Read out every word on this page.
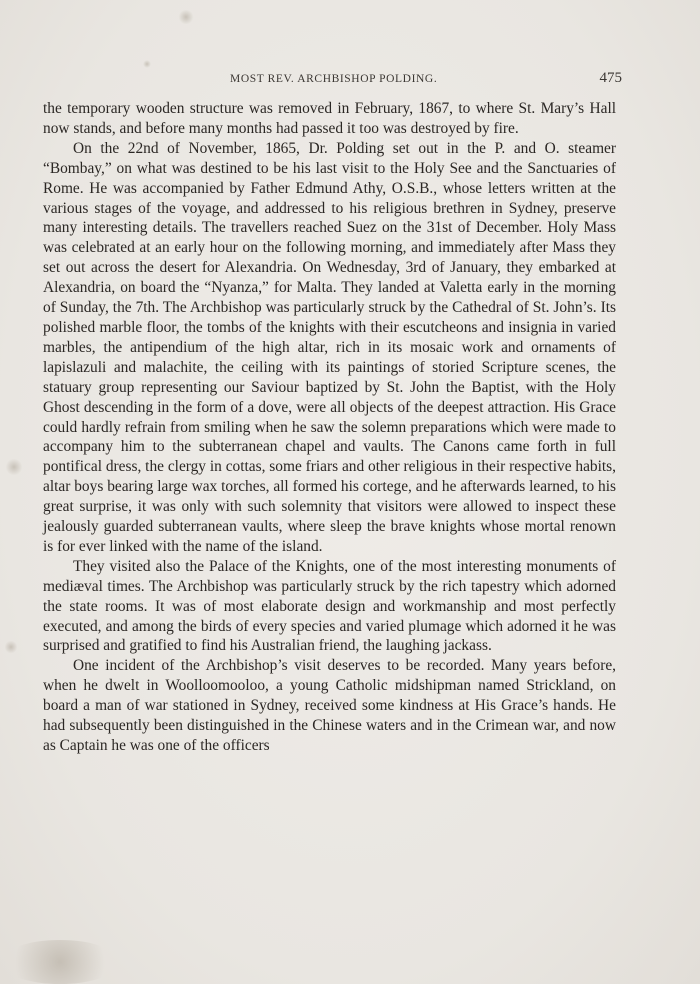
MOST REV. ARCHBISHOP POLDING.	475

the temporary wooden structure was removed in February, 1867, to where St. Mary’s Hall now stands, and before many months had passed it too was destroyed by fire.

On the 22nd of November, 1865, Dr. Polding set out in the P. and O. steamer “Bombay,” on what was destined to be his last visit to the Holy See and the Sanctuaries of Rome. He was accompanied by Father Edmund Athy, O.S.B., whose letters written at the various stages of the voyage, and addressed to his religious brethren in Sydney, preserve many interesting details. The travellers reached Suez on the 31st of December. Holy Mass was celebrated at an early hour on the following morning, and immediately after Mass they set out across the desert for Alexandria. On Wednesday, 3rd of January, they embarked at Alexandria, on board the “Nyanza,” for Malta. They landed at Valetta early in the morning of Sunday, the 7th. The Archbishop was particularly struck by the Cathedral of St. John’s. Its polished marble floor, the tombs of the knights with their escutcheons and insignia in varied marbles, the antipendium of the high altar, rich in its mosaic work and ornaments of lapislazuli and malachite, the ceiling with its paintings of storied Scripture scenes, the statuary group representing our Saviour baptized by St. John the Baptist, with the Holy Ghost descending in the form of a dove, were all objects of the deepest attraction. His Grace could hardly refrain from smiling when he saw the solemn preparations which were made to accompany him to the subterranean chapel and vaults. The Canons came forth in full pontifical dress, the clergy in cottas, some friars and other religious in their respective habits, altar boys bearing large wax torches, all formed his cortege, and he afterwards learned, to his great surprise, it was only with such solemnity that visitors were allowed to inspect these jealously guarded subterranean vaults, where sleep the brave knights whose mortal renown is for ever linked with the name of the island.

They visited also the Palace of the Knights, one of the most interesting monuments of mediæval times. The Archbishop was particularly struck by the rich tapestry which adorned the state rooms. It was of most elaborate design and workmanship and most perfectly executed, and among the birds of every species and varied plumage which adorned it he was surprised and gratified to find his Australian friend, the laughing jackass.

One incident of the Archbishop’s visit deserves to be recorded. Many years before, when he dwelt in Woolloomooloo, a young Catholic midshipman named Strickland, on board a man of war stationed in Sydney, received some kindness at His Grace’s hands. He had subsequently been distinguished in the Chinese waters and in the Crimean war, and now as Captain he was one of the officers
